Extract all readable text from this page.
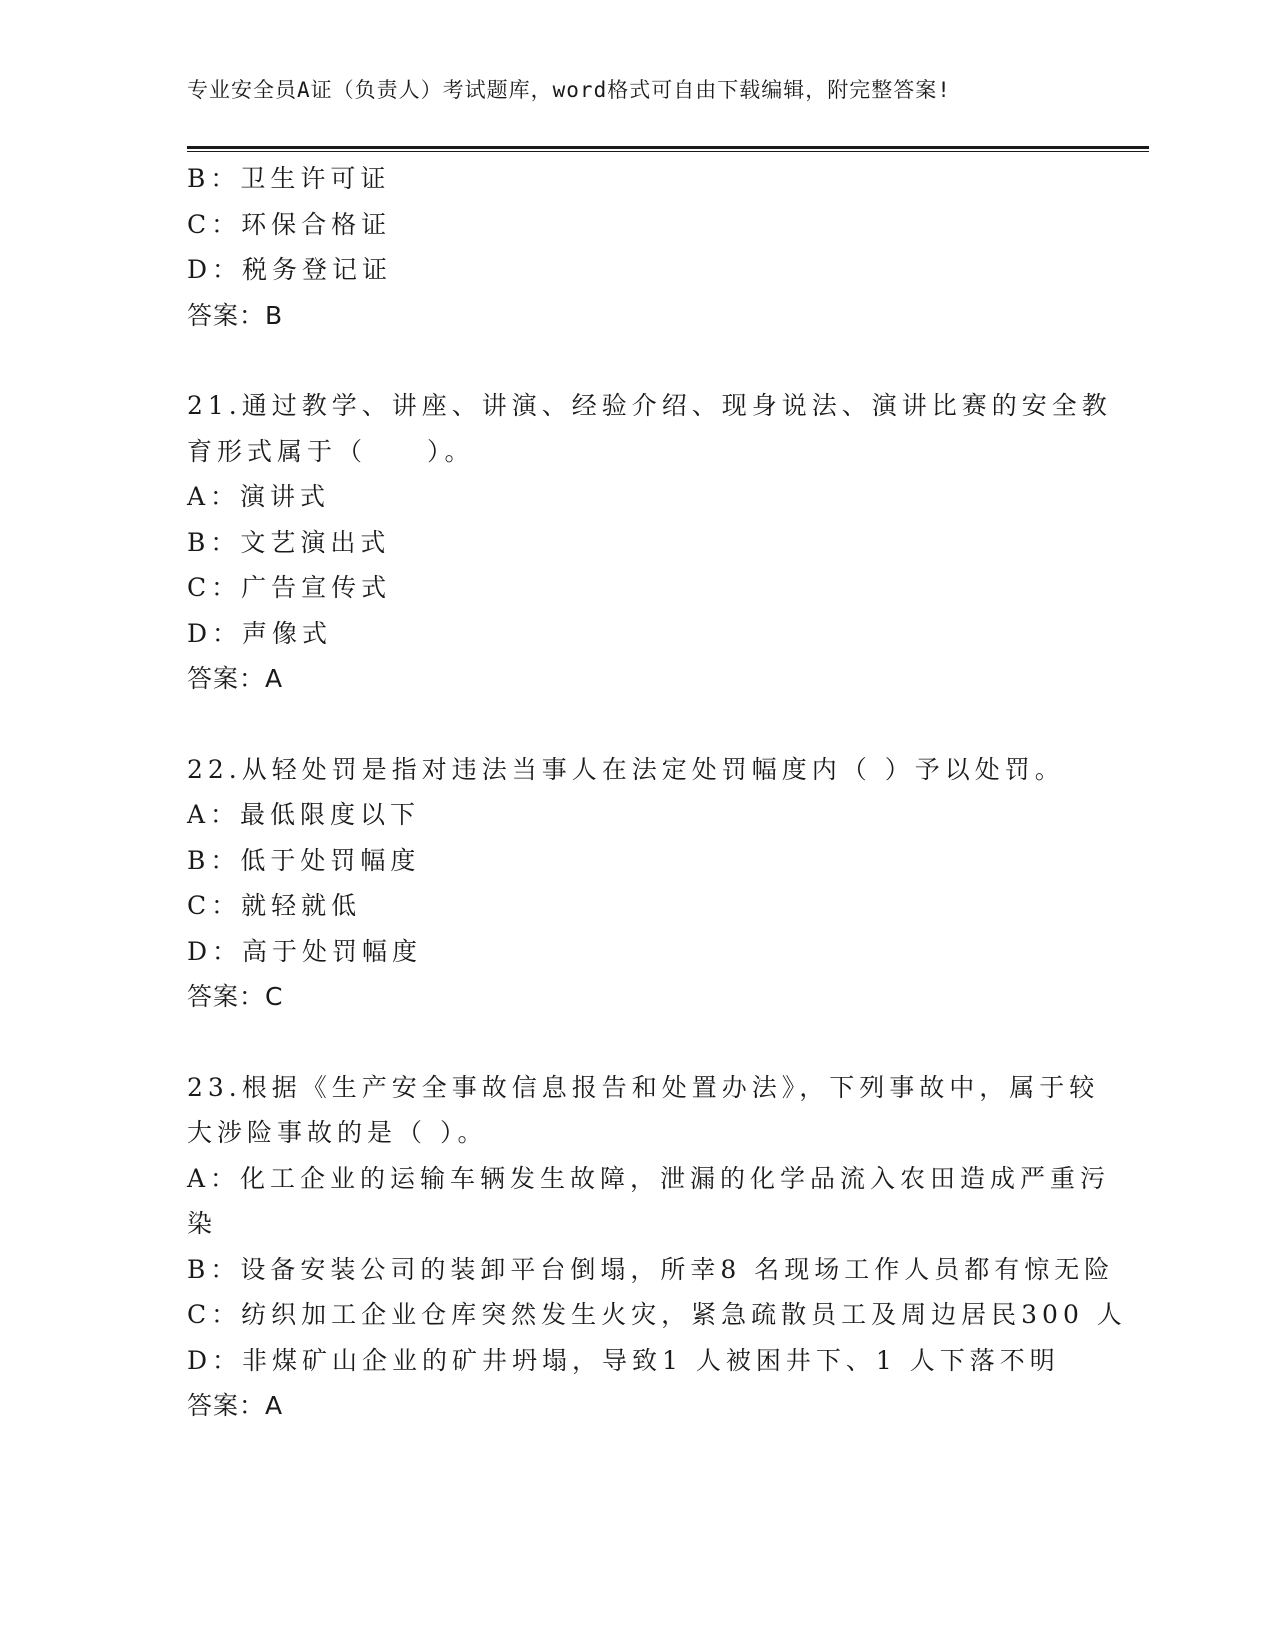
专业安全员A证（负责人）考试题库，word格式可自由下载编辑，附完整答案!
B：卫生许可证
C：环保合格证
D：税务登记证
答案：B
21.通过教学、讲座、讲演、经验介绍、现身说法、演讲比赛的安全教
育形式属于（　　）。
A：演讲式
B：文艺演出式
C：广告宣传式
D：声像式
答案：A
22.从轻处罚是指对违法当事人在法定处罚幅度内（ ）予以处罚。
A：最低限度以下
B：低于处罚幅度
C：就轻就低
D：高于处罚幅度
答案：C
23.根据《生产安全事故信息报告和处置办法》，下列事故中，属于较
大涉险事故的是（ ）。
A：化工企业的运输车辆发生故障，泄漏的化学品流入农田造成严重污
染
B：设备安装公司的装卸平台倒塌，所幸8 名现场工作人员都有惊无险
C：纺织加工企业仓库突然发生火灾，紧急疏散员工及周边居民300 人
D：非煤矿山企业的矿井坍塌，导致1 人被困井下、1 人下落不明
答案：A
